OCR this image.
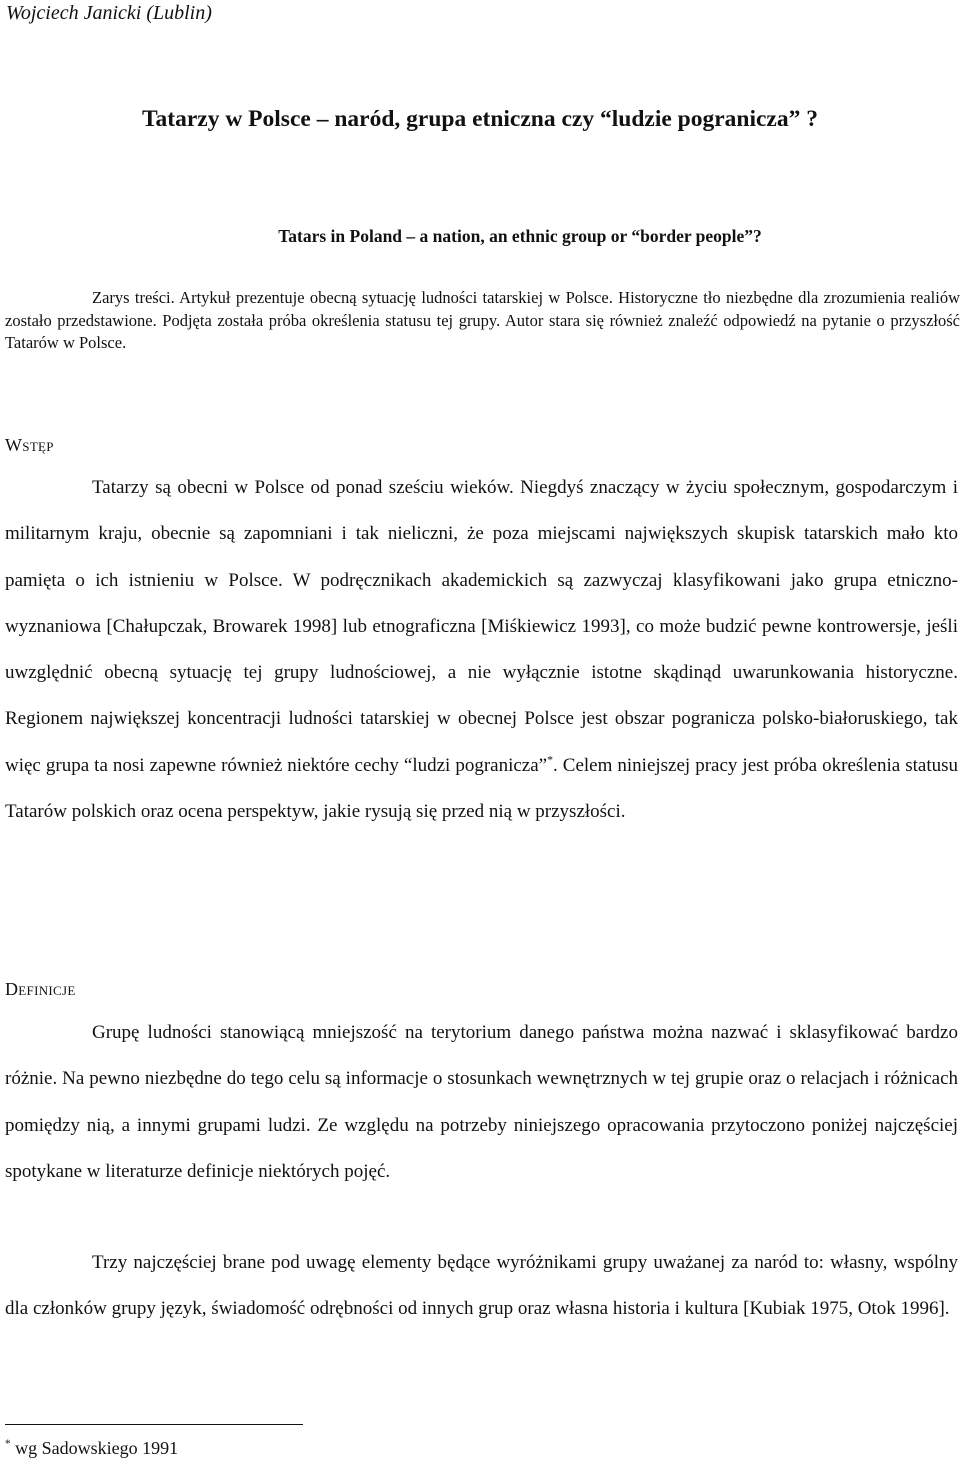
Wojciech Janicki (Lublin)
Tatarzy w Polsce – naród, grupa etniczna czy “ludzie pogranicza” ?
Tatars in Poland – a nation, an ethnic group or “border people”?
Zarys treści. Artykuł prezentuje obecną sytuację ludności tatarskiej w Polsce. Historyczne tło niezbędne dla zrozumienia realiów zostało przedstawione. Podjęta została próba określenia statusu tej grupy. Autor stara się również znaleźć odpowiedź na pytanie o przyszłość Tatarów w Polsce.
Wstęp
Tatarzy są obecni w Polsce od ponad sześciu wieków. Niegdyś znaczący w życiu społecznym, gospodarczym i militarnym kraju, obecnie są zapomniani i tak nieliczni, że poza miejscami największych skupisk tatarskich mało kto pamięta o ich istnieniu w Polsce. W podręcznikach akademickich są zazwyczaj klasyfikowani jako grupa etniczno-wyznaniowa [Chałupczak, Browarek 1998] lub etnograficzna [Miśkiewicz 1993], co może budzić pewne kontrowersje, jeśli uwzględnić obecną sytuację tej grupy ludnościowej, a nie wyłącznie istotne skądinąd uwarunkowania historyczne. Regionem największej koncentracji ludności tatarskiej w obecnej Polsce jest obszar pogranicza polsko-białoruskiego, tak więc grupa ta nosi zapewne również niektóre cechy “ludzi pogranicza”*. Celem niniejszej pracy jest próba określenia statusu Tatarów polskich oraz ocena perspektyw, jakie rysują się przed nią w przyszłości.
Definicje
Grupę ludności stanowiącą mniejszość na terytorium danego państwa można nazwać i sklasyfikować bardzo różnie. Na pewno niezbędne do tego celu są informacje o stosunkach wewnętrznych w tej grupie oraz o relacjach i różnicach pomiędzy nią, a innymi grupami ludzi. Ze względu na potrzeby niniejszego opracowania przytoczono poniżej najczęściej spotykane w literaturze definicje niektórych pojęć.
Trzy najczęściej brane pod uwagę elementy będące wyróżnikami grupy uważanej za naród to: własny, wspólny dla członków grupy język, świadomość odrębności od innych grup oraz własna historia i kultura [Kubiak 1975, Otok 1996].
* wg Sadowskiego 1991
